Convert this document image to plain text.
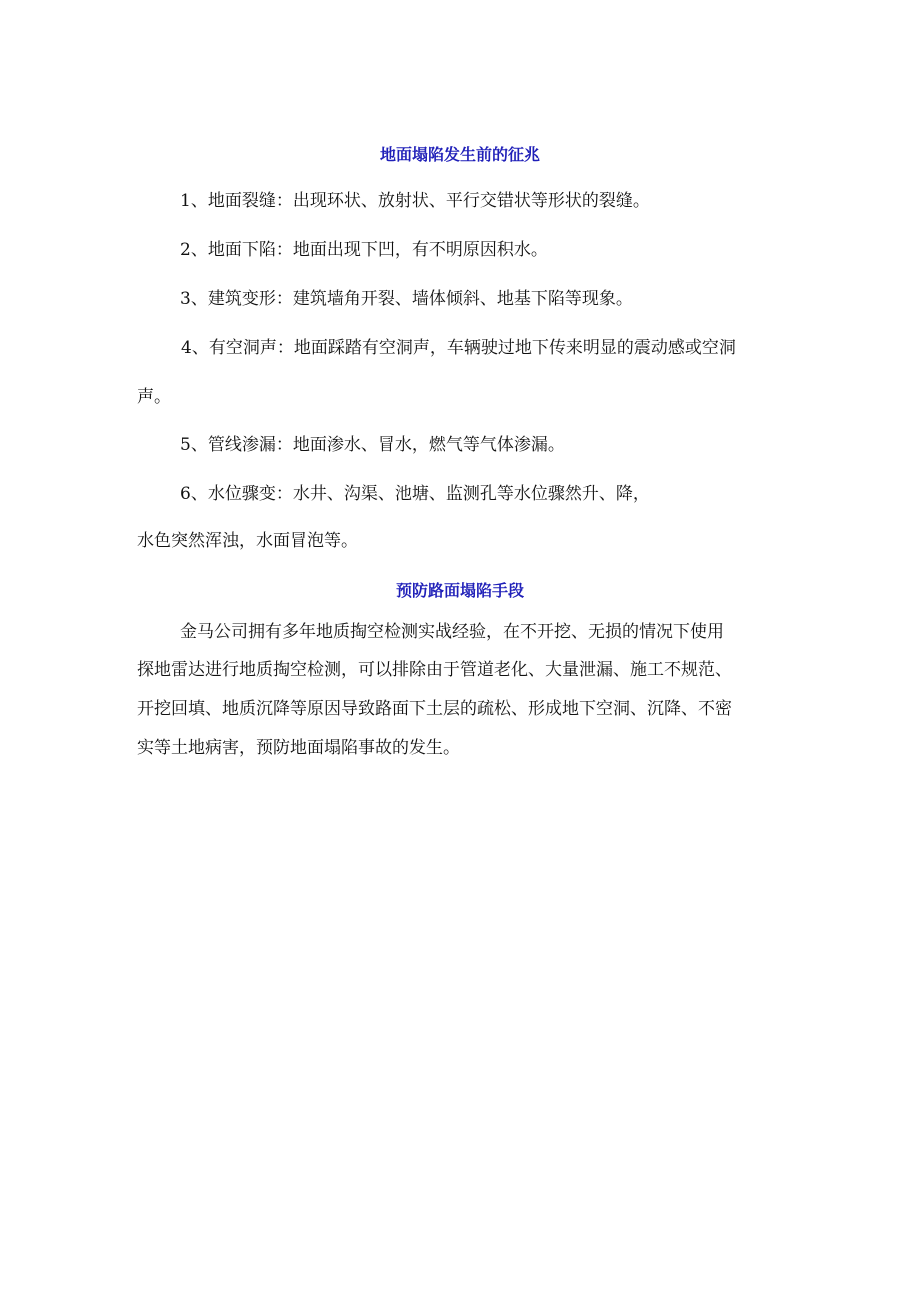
地面塌陷发生前的征兆
1、地面裂缝：出现环状、放射状、平行交错状等形状的裂缝。
2、地面下陷：地面出现下凹，有不明原因积水。
3、建筑变形：建筑墙角开裂、墙体倾斜、地基下陷等现象。
4、有空洞声：地面踩踏有空洞声，车辆驶过地下传来明显的震动感或空洞
声。
5、管线渗漏：地面渗水、冒水，燃气等气体渗漏。
6、水位骤变：水井、沟渠、池塘、监测孔等水位骤然升、降，
水色突然浑浊，水面冒泡等。
预防路面塌陷手段
金马公司拥有多年地质掏空检测实战经验，在不开挖、无损的情况下使用
探地雷达进行地质掏空检测，可以排除由于管道老化、大量泄漏、施工不规范、
开挖回填、地质沉降等原因导致路面下土层的疏松、形成地下空洞、沉降、不密
实等土地病害，预防地面塌陷事故的发生。
